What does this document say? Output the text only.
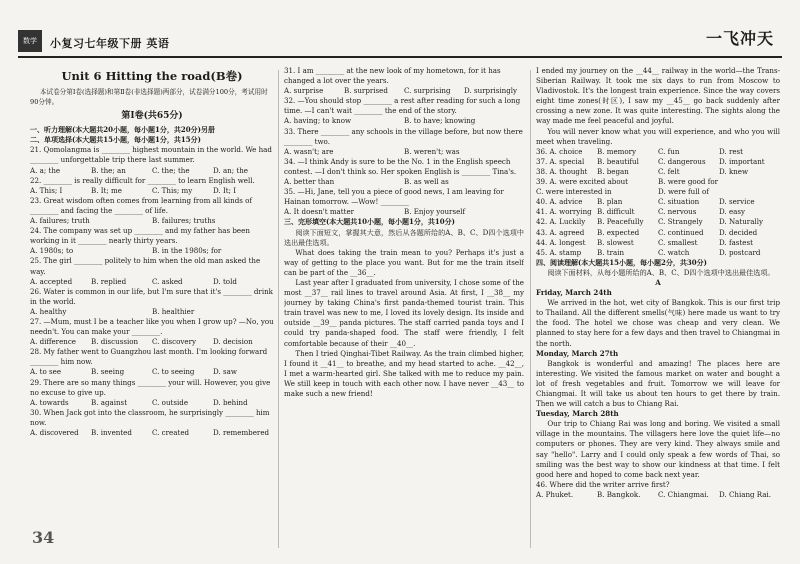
数学	小复习七年级下册 英语	一飞冲天
Unit 6 Hitting the road(B卷)
本试卷分第Ⅰ卷(选择题)和第Ⅱ卷(非选择题)两部分，试卷满分100分，考试用时90分钟。
第Ⅰ卷(共65分)
一、听力理解(本大题共20小题，每小题1分，共20分)另册
二、单项选择(本大题共15小题，每小题1分，共15分)

21. Qomolangma is ________ highest mountain in the world. We had ________ unforgettable trip there last summer.

A. a; the	B. the; an	C. the; the	D. an; the

22. ________ is really difficult for ________ to learn English well.

A. This; I	B. It; me	C. This; my	D. It; I

23. Great wisdom often comes from learning from all kinds of ________ and facing the ________ of life.

A. failures; truth	B. failures; truths

24. The company was set up ________ and my father has been working in it ________ nearly thirty years.

A. 1980s; to	B. in the 1980s; for

25. The girl ________ politely to him when the old man asked the way.

A. accepted	B. replied	C. asked	D. told

26. Water is common in our life, but I'm sure that it's ________ drink in the world.

A. healthy	B. healthier

27. —Mum, must I be a teacher like you when I grow up? —No, you needn't. You can make your ________.

A. difference	B. discussion	C. discovery	D. decision

28. My father went to Guangzhou last month. I'm looking forward ________ him now.

A. to see	B. seeing	C. to seeing	D. saw

29. There are so many things ________ your will. However, you give no excuse to give up.

A. towards	B. against	C. outside	D. behind

30. When Jack got into the classroom, he surprisingly ________ him now.

A. discovered	B. invented	C. created	D. remembered

31. I am ________ at the new look of my hometown, for it has changed a lot over the years.

A. surprise	B. surprised	C. surprising	D. surprisingly

32. —You should stop ________ a rest after reading for such a long time. —I can't wait ________ the end of the story.

A. having; to know	B. to have; knowing

33. There ________ any schools in the village before, but now there ________ two.

A. wasn't; are	B. weren't; was

34. —I think Andy is sure to be the No. 1 in the English speech contest. —I don't think so. Her spoken English is ________ Tina's.

A. better than	B. as well as

35. —Hi, Jane, tell you a piece of good news, I am leaving for Hainan tomorrow. —Wow! ________

A. It doesn't matter	B. Enjoy yourself
三、完形填空(本大题共10小题，每小题1分，共10分)

阅读下面短文，掌握其大意，然后从各题所给的A、B、C、D四个选项中选出最佳选项。

What does taking the train mean to you? Perhaps it's just a way of getting to the place you want. But for me the train itself can be part of the __36__.

Last year after I graduated from university, I chose some of the most __37__ rail lines to travel around Asia. At first, I __38__ my journey by taking China's first panda-themed tourist train. This train travel was new to me, I loved its lovely design. Its inside and outside __39__ panda pictures. The staff carried panda toys and I could try panda-shaped food. The staff were friendly, I felt comfortable because of their __40__.

Then I tried Qinghai-Tibet Railway. As the train climbed higher, I found it __41__ to breathe, and my head started to ache. __42__, I met a warm-hearted girl. She talked with me to reduce my pain. We still keep in touch with each other now. I have never __43__ to make such a new friend!

I ended my journey on the __44__ railway in the world—the Trans-Siberian Railway. It took me six days to run from Moscow to Vladivostok. It's the longest train experience. Since the way covers eight time zones(时区), I saw my __45__ go back suddenly after crossing a new zone. It was quite interesting. The sights along the way made me feel peaceful and joyful.

You will never know what you will experience, and who you will meet when traveling.

36. A. choice	B. memory	C. fun	D. rest
37. A. special	B. beautiful	C. dangerous	D. important
38. A. thought	B. began	C. felt	D. knew
39. A. were excited about	B. were good for
C. were interested in	D. were full of
40. A. advice	B. plan	C. situation	D. service
41. A. worrying B. difficult	C. nervous	D. easy
42. A. Luckily	B. Peacefully	C. Strangely	D. Naturally
43. A. agreed	B. expected	C. continued	D. decided
44. A. longest	B. slowest	C. smallest	D. fastest
45. A. stamp	B. train	C. watch	D. postcard
四、阅读理解(本大题共15小题，每小题2分，共30分)

阅读下面材料，从每小题所给的A、B、C、D四个选项中选出最佳选项。

A
Friday, March 24th

We arrived in the hot, wet city of Bangkok. This is our first trip to Thailand. All the different smells(气味) here made us want to try the food. The hotel we chose was cheap and very clean. We planned to stay here for a few days and then travel to Chiangmai in the north.

Monday, March 27th

Bangkok is wonderful and amazing! The places here are interesting. We visited the famous market on water and bought a lot of fresh vegetables and fruit. Tomorrow we will leave for Chiangmai. It will take us about ten hours to get there by train. Then we will catch a bus to Chiang Rai.

Tuesday, March 28th

Our trip to Chiang Rai was long and boring. We visited a small village in the mountains. The villagers here love the quiet life—no computers or phones. They are very kind. They always smile and say "hello". Larry and I could only speak a few words of Thai, so smiling was the best way to show our kindness at that time. I felt good here and hoped to come back next year.

46. Where did the writer arrive first?

A. Phuket.	B. Bangkok.	C. Chiangmai.	D. Chiang Rai.
34
